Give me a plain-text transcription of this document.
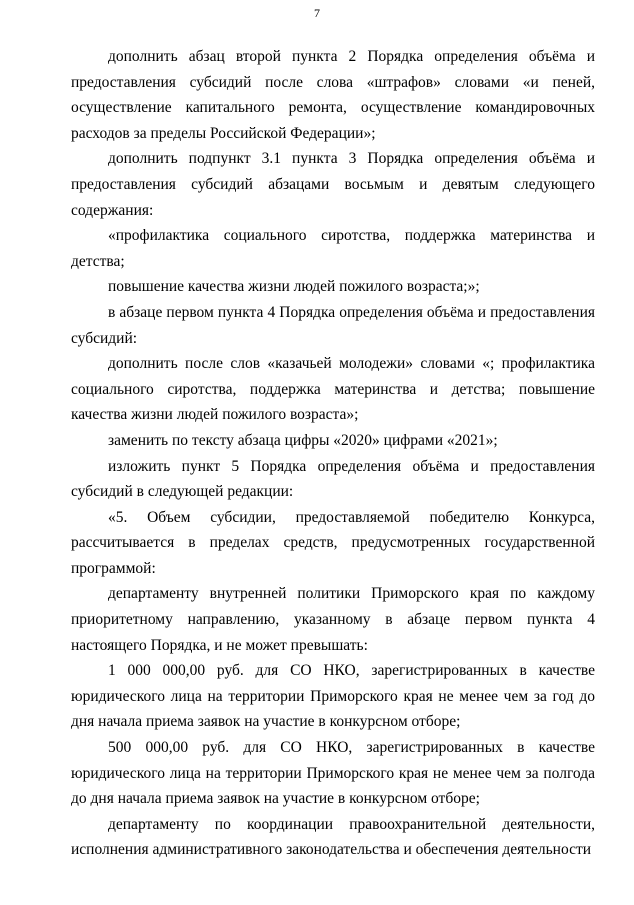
7

дополнить абзац второй пункта 2 Порядка определения объёма и предоставления субсидий после слова «штрафов» словами «и пеней, осуществление капитального ремонта, осуществление командировочных расходов за пределы Российской Федерации»;

дополнить подпункт 3.1 пункта 3 Порядка определения объёма и предоставления субсидий абзацами восьмым и девятым следующего содержания:

«профилактика социального сиротства, поддержка материнства и детства;

повышение качества жизни людей пожилого возраста;»;

в абзаце первом пункта 4 Порядка определения объёма и предоставления субсидий:

дополнить после слов «казачьей молодежи» словами «; профилактика социального сиротства, поддержка материнства и детства; повышение качества жизни людей пожилого возраста»;

заменить по тексту абзаца цифры «2020» цифрами «2021»;

изложить пункт 5 Порядка определения объёма и предоставления субсидий в следующей редакции:

«5. Объем субсидии, предоставляемой победителю Конкурса, рассчитывается в пределах средств, предусмотренных государственной программой:

департаменту внутренней политики Приморского края по каждому приоритетному направлению, указанному в абзаце первом пункта 4 настоящего Порядка, и не может превышать:

1 000 000,00 руб. для СО НКО, зарегистрированных в качестве юридического лица на территории Приморского края не менее чем за год до дня начала приема заявок на участие в конкурсном отборе;

500 000,00 руб. для СО НКО, зарегистрированных в качестве юридического лица на территории Приморского края не менее чем за полгода до дня начала приема заявок на участие в конкурсном отборе;

департаменту по координации правоохранительной деятельности, исполнения административного законодательства и обеспечения деятельности
